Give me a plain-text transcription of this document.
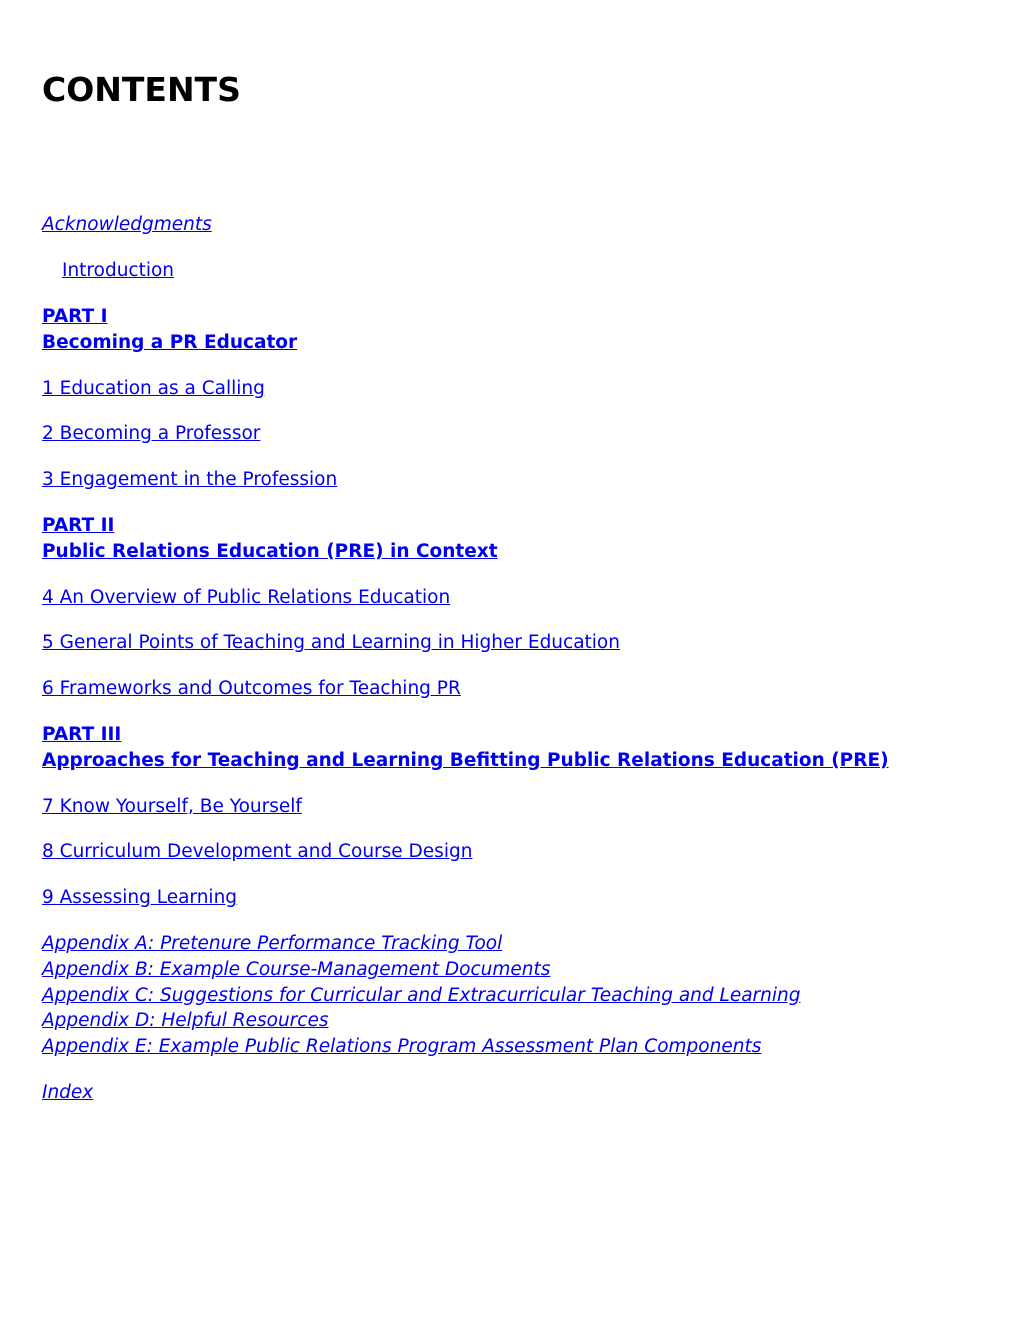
CONTENTS
Acknowledgments
Introduction
PART I
Becoming a PR Educator
1 Education as a Calling
2 Becoming a Professor
3 Engagement in the Profession
PART II
Public Relations Education (PRE) in Context
4 An Overview of Public Relations Education
5 General Points of Teaching and Learning in Higher Education
6 Frameworks and Outcomes for Teaching PR
PART III
Approaches for Teaching and Learning Befitting Public Relations Education (PRE)
7 Know Yourself, Be Yourself
8 Curriculum Development and Course Design
9 Assessing Learning
Appendix A: Pretenure Performance Tracking Tool
Appendix B: Example Course-Management Documents
Appendix C: Suggestions for Curricular and Extracurricular Teaching and Learning
Appendix D: Helpful Resources
Appendix E: Example Public Relations Program Assessment Plan Components
Index
